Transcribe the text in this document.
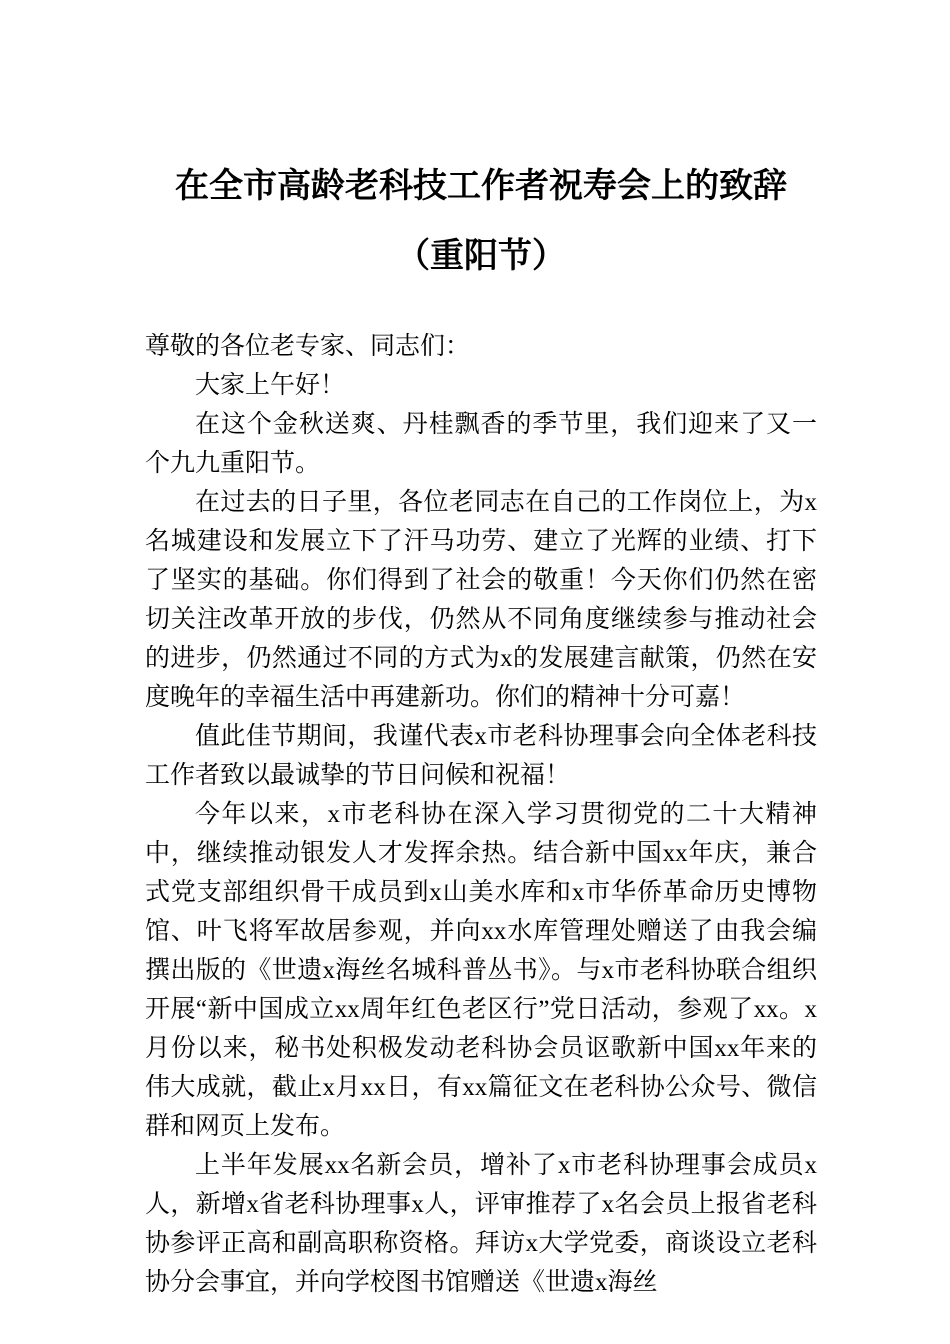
在全市高龄老科技工作者祝寿会上的致辞
（重阳节）

尊敬的各位老专家、同志们：

大家上午好！

在这个金秋送爽、丹桂飘香的季节里，我们迎来了又一个九九重阳节。

在过去的日子里，各位老同志在自己的工作岗位上，为x名城建设和发展立下了汗马功劳、建立了光辉的业绩、打下了坚实的基础。你们得到了社会的敬重！今天你们仍然在密切关注改革开放的步伐，仍然从不同角度继续参与推动社会的进步，仍然通过不同的方式为x的发展建言献策，仍然在安度晚年的幸福生活中再建新功。你们的精神十分可嘉！

值此佳节期间，我谨代表x市老科协理事会向全体老科技工作者致以最诚挚的节日问候和祝福！

今年以来，x市老科协在深入学习贯彻党的二十大精神中，继续推动银发人才发挥余热。结合新中国xx年庆，兼合式党支部组织骨干成员到x山美水库和x市华侨革命历史博物馆、叶飞将军故居参观，并向xx水库管理处赠送了由我会编撰出版的《世遗x海丝名城科普丛书》。与x市老科协联合组织开展“新中国成立xx周年红色老区行”党日活动，参观了xx。x月份以来，秘书处积极发动老科协会员讴歌新中国xx年来的伟大成就，截止x月xx日，有xx篇征文在老科协公众号、微信群和网页上发布。

上半年发展xx名新会员，增补了x市老科协理事会成员x人，新增x省老科协理事x人，评审推荐了x名会员上报省老科协参评正高和副高职称资格。拜访x大学党委，商谈设立老科协分会事宜，并向学校图书馆赠送《世遗x海丝
